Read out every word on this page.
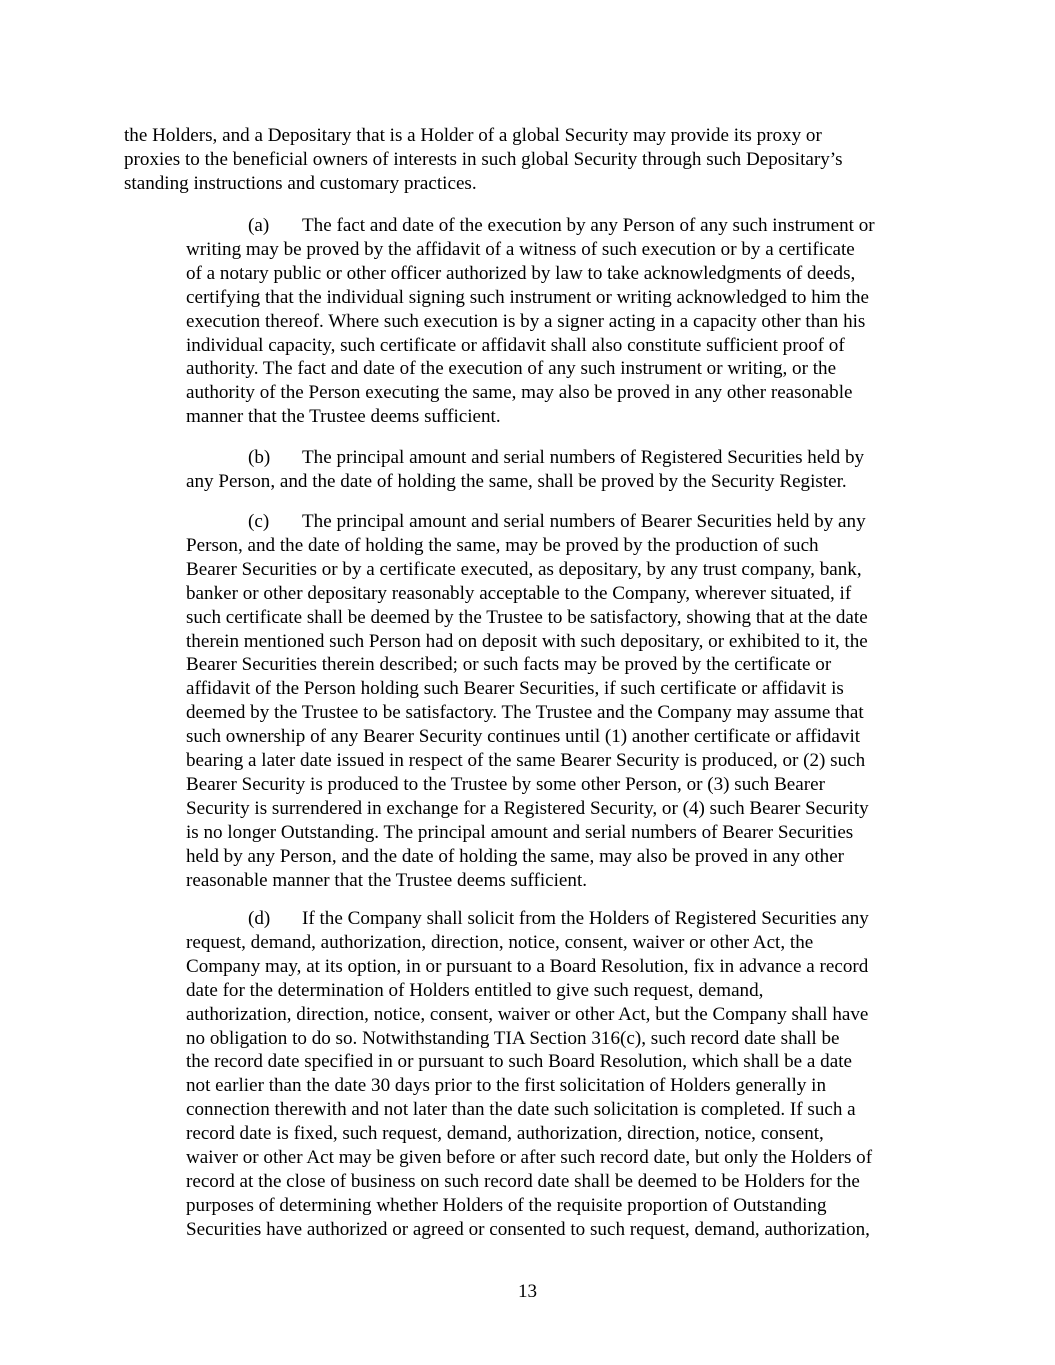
the Holders, and a Depositary that is a Holder of a global Security may provide its proxy or
proxies to the beneficial owners of interests in such global Security through such Depositary’s
standing instructions and customary practices.

(a) The fact and date of the execution by any Person of any such instrument or
writing may be proved by the affidavit of a witness of such execution or by a certificate
of a notary public or other officer authorized by law to take acknowledgments of deeds,
certifying that the individual signing such instrument or writing acknowledged to him the
execution thereof. Where such execution is by a signer acting in a capacity other than his
individual capacity, such certificate or affidavit shall also constitute sufficient proof of
authority. The fact and date of the execution of any such instrument or writing, or the
authority of the Person executing the same, may also be proved in any other reasonable
manner that the Trustee deems sufficient.

(b) The principal amount and serial numbers of Registered Securities held by
any Person, and the date of holding the same, shall be proved by the Security Register.

(c) The principal amount and serial numbers of Bearer Securities held by any
Person, and the date of holding the same, may be proved by the production of such
Bearer Securities or by a certificate executed, as depositary, by any trust company, bank,
banker or other depositary reasonably acceptable to the Company, wherever situated, if
such certificate shall be deemed by the Trustee to be satisfactory, showing that at the date
therein mentioned such Person had on deposit with such depositary, or exhibited to it, the
Bearer Securities therein described; or such facts may be proved by the certificate or
affidavit of the Person holding such Bearer Securities, if such certificate or affidavit is
deemed by the Trustee to be satisfactory. The Trustee and the Company may assume that
such ownership of any Bearer Security continues until (1) another certificate or affidavit
bearing a later date issued in respect of the same Bearer Security is produced, or (2) such
Bearer Security is produced to the Trustee by some other Person, or (3) such Bearer
Security is surrendered in exchange for a Registered Security, or (4) such Bearer Security
is no longer Outstanding. The principal amount and serial numbers of Bearer Securities
held by any Person, and the date of holding the same, may also be proved in any other
reasonable manner that the Trustee deems sufficient.

(d) If the Company shall solicit from the Holders of Registered Securities any
request, demand, authorization, direction, notice, consent, waiver or other Act, the
Company may, at its option, in or pursuant to a Board Resolution, fix in advance a record
date for the determination of Holders entitled to give such request, demand,
authorization, direction, notice, consent, waiver or other Act, but the Company shall have
no obligation to do so. Notwithstanding TIA Section 316(c), such record date shall be
the record date specified in or pursuant to such Board Resolution, which shall be a date
not earlier than the date 30 days prior to the first solicitation of Holders generally in
connection therewith and not later than the date such solicitation is completed. If such a
record date is fixed, such request, demand, authorization, direction, notice, consent,
waiver or other Act may be given before or after such record date, but only the Holders of
record at the close of business on such record date shall be deemed to be Holders for the
purposes of determining whether Holders of the requisite proportion of Outstanding
Securities have authorized or agreed or consented to such request, demand, authorization,

13
